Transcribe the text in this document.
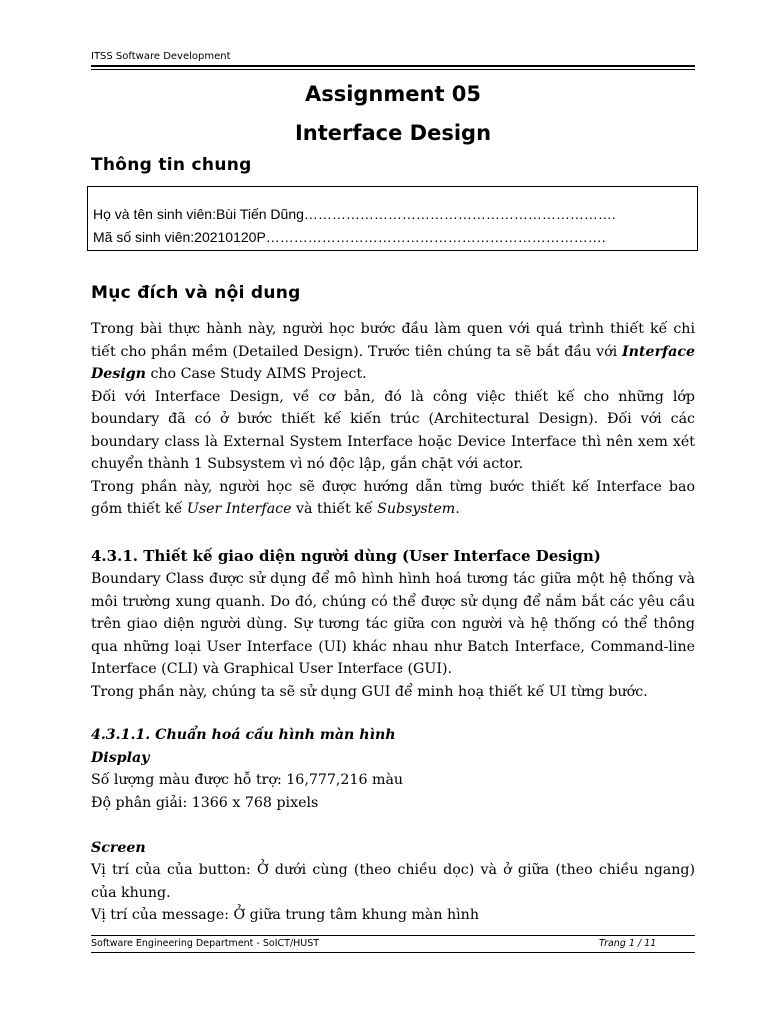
ITSS Software Development
Assignment 05
Interface Design
Thông tin chung
Họ và tên sinh viên:Bùi Tiến Dũng………………………………………………………….
Mã số sinh viên:20210120P……………………………………………………………….
Mục đích và nội dung
Trong bài thực hành này, người học bước đầu làm quen với quá trình thiết kế chi tiết cho phần mềm (Detailed Design). Trước tiên chúng ta sẽ bắt đầu với Interface Design cho Case Study AIMS Project.
Đối với Interface Design, về cơ bản, đó là công việc thiết kế cho những lớp boundary đã có ở bước thiết kế kiến trúc (Architectural Design). Đối với các boundary class là External System Interface hoặc Device Interface thì nên xem xét chuyển thành 1 Subsystem vì nó độc lập, gắn chặt với actor.
Trong phần này, người học sẽ được hướng dẫn từng bước thiết kế Interface bao gồm thiết kế User Interface và thiết kế Subsystem.
4.3.1. Thiết kế giao diện người dùng (User Interface Design)
Boundary Class được sử dụng để mô hình hình hoá tương tác giữa một hệ thống và môi trường xung quanh. Do đó, chúng có thể được sử dụng để nắm bắt các yêu cầu trên giao diện người dùng. Sự tương tác giữa con người và hệ thống có thể thông qua những loại User Interface (UI) khác nhau như Batch Interface, Command-line Interface (CLI) và Graphical User Interface (GUI).
Trong phần này, chúng ta sẽ sử dụng GUI để minh hoạ thiết kế UI từng bước.
4.3.1.1. Chuẩn hoá cấu hình màn hình
Display
Số lượng màu được hỗ trợ: 16,777,216 màu
Độ phân giải: 1366 x 768 pixels
Screen
Vị trí của của button: Ở dưới cùng (theo chiều dọc) và ở giữa (theo chiều ngang)
của khung.
Vị trí của message: Ở giữa trung tâm khung màn hình
Software Engineering Department - SoICT/HUST	Trang 1 / 11
